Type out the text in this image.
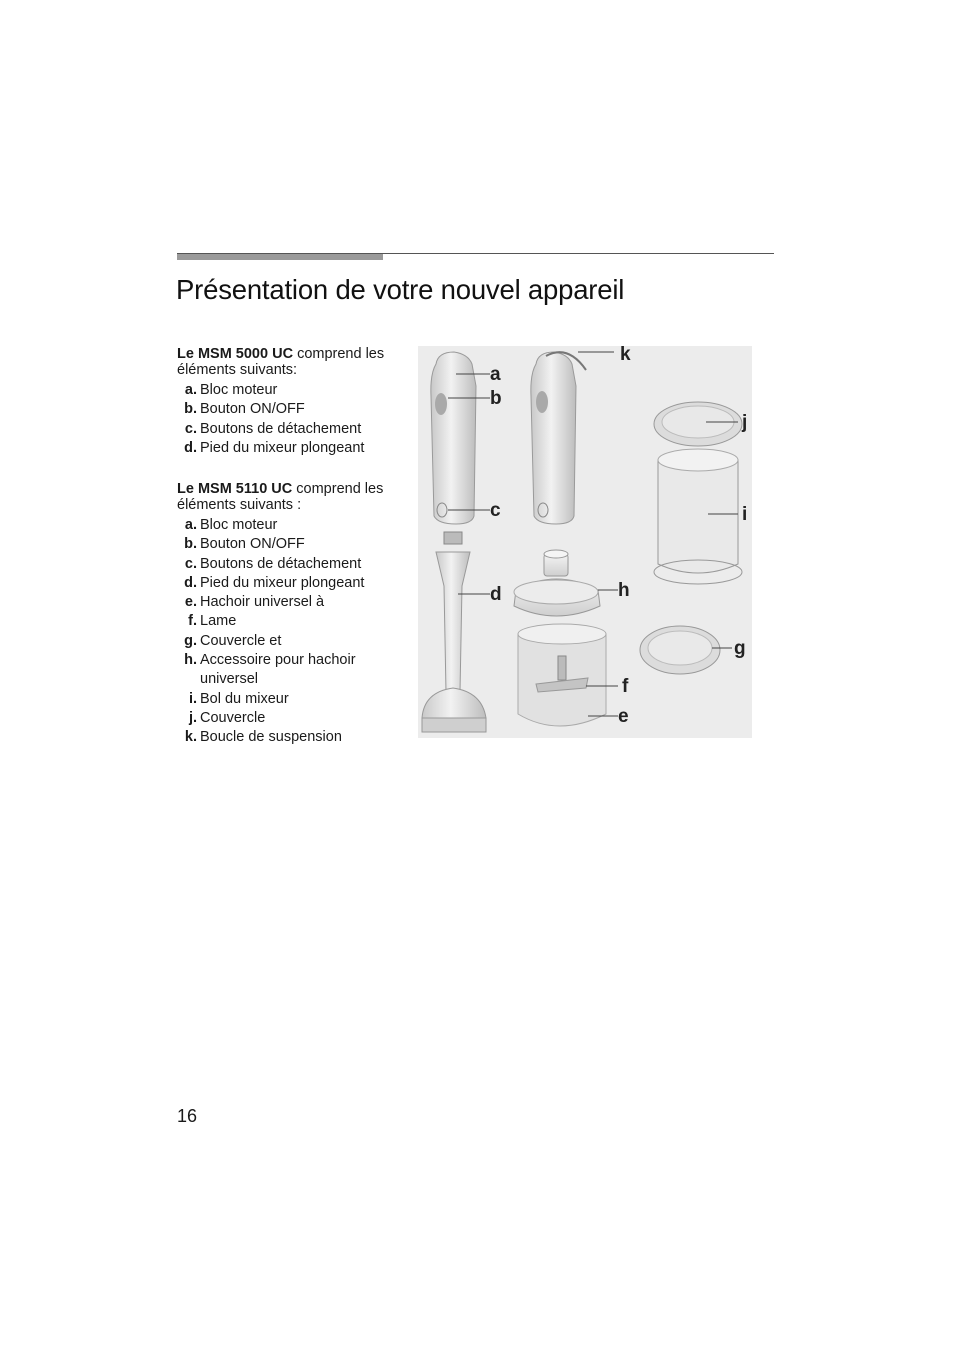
Présentation de votre nouvel appareil

Le MSM 5000 UC comprend les éléments suivants:

a. Bloc moteur
b. Bouton ON/OFF
c. Boutons de détachement
d. Pied du mixeur plongeant

Le MSM 5110 UC comprend les éléments suivants :

a. Bloc moteur
b. Bouton ON/OFF
c. Boutons de détachement
d. Pied du mixeur plongeant
e. Hachoir universel à
f. Lame
g. Couvercle et
h. Accessoire pour hachoir universel
i. Bol du mixeur
j. Couvercle
k. Boucle de suspension
a
b
c
k
d	h
f
e
j
i
g
16
